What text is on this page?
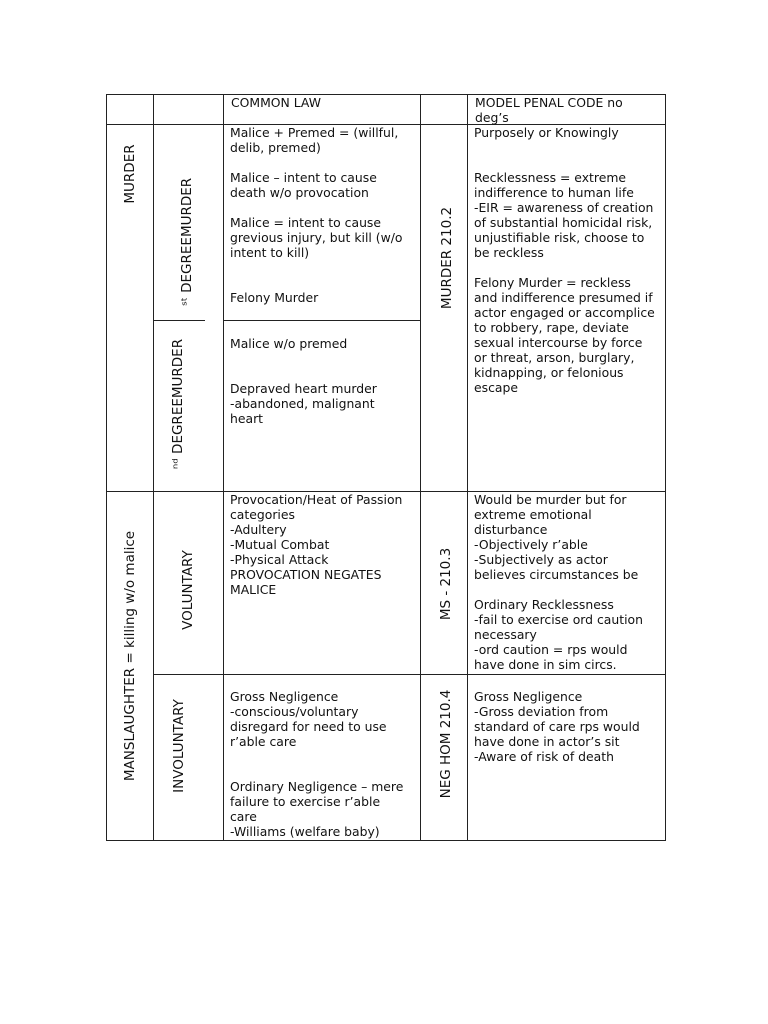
COMMON LAW	MODEL PENAL CODE no
deg’s
MURDER
ˢᵗ DEGREEMURDER
ⁿᵈ DEGREEMURDER
Malice + Premed = (willful,
delib, premed)

Malice – intent to cause
death w/o provocation

Malice = intent to cause
grevious injury, but kill (w/o
intent to kill)

Felony Murder
Malice w/o premed

Depraved heart murder
-abandoned, malignant
heart
MURDER 210.2
Purposely or Knowingly

Recklessness = extreme
indifference to human life
-EIR = awareness of creation
of substantial homicidal risk,
unjustifiable risk, choose to
be reckless

Felony Murder = reckless
and indifference presumed if
actor engaged or accomplice
to robbery, rape, deviate
sexual intercourse by force
or threat, arson, burglary,
kidnapping, or felonious
escape
MANSLAUGHTER = killing w/o malice	VOLUNTARY
INVOLUNTARY
Provocation/Heat of Passion
categories
-Adultery
-Mutual Combat
-Physical Attack
PROVOCATION NEGATES
MALICE
Gross Negligence
-conscious/voluntary
disregard for need to use
r’able care

Ordinary Negligence – mere
failure to exercise r’able
care
-Williams (welfare baby)
MS - 210.3
NEG HOM 210.4
Would be murder but for
extreme emotional
disturbance
-Objectively r’able
-Subjectively as actor
believes circumstances be

Ordinary Recklessness
-fail to exercise ord caution
necessary
-ord caution = rps would
have done in sim circs.
Gross Negligence
-Gross deviation from
standard of care rps would
have done in actor’s sit
-Aware of risk of death
